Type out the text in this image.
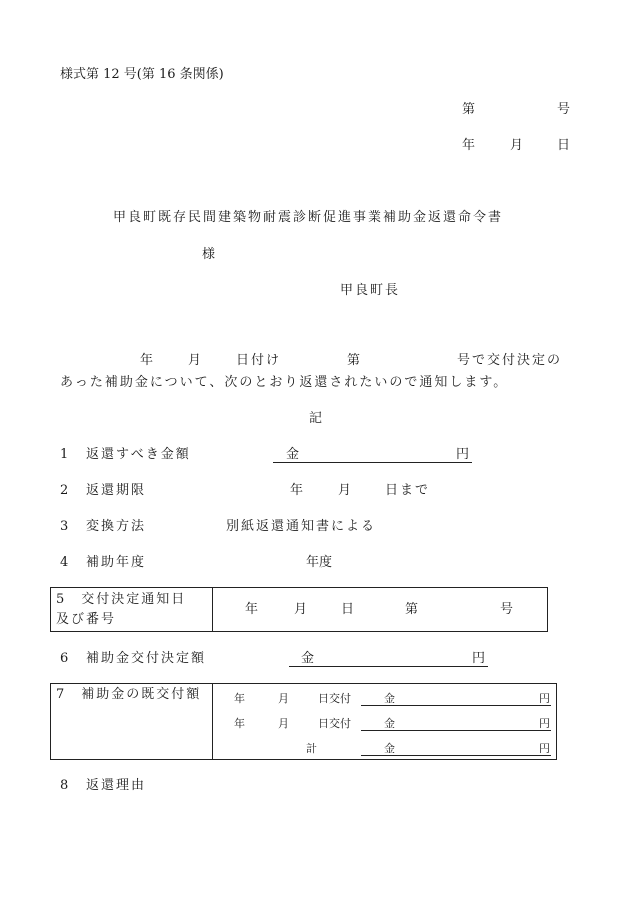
様式第 12 号(第 16 条関係)
第	号
年	月	日
甲良町既存民間建築物耐震診断促進事業補助金返還命令書
様
甲良町長
年	月	日付け	第	号で交付決定の
あった補助金について、次のとおり返還されたいので通知します。
記
1 返還すべき金額	金	円
2 返還期限	年	月	日まで
3 変換方法	別紙返還通知書による
4 補助年度	年度
5　交付決定通知日
及び番号
年	月	日	第	号
6 補助金交付決定額	金	円
7　補助金の既交付額	年	月	日交付	金	円
年	月	日交付	金	円
計	金	円
8 返還理由
